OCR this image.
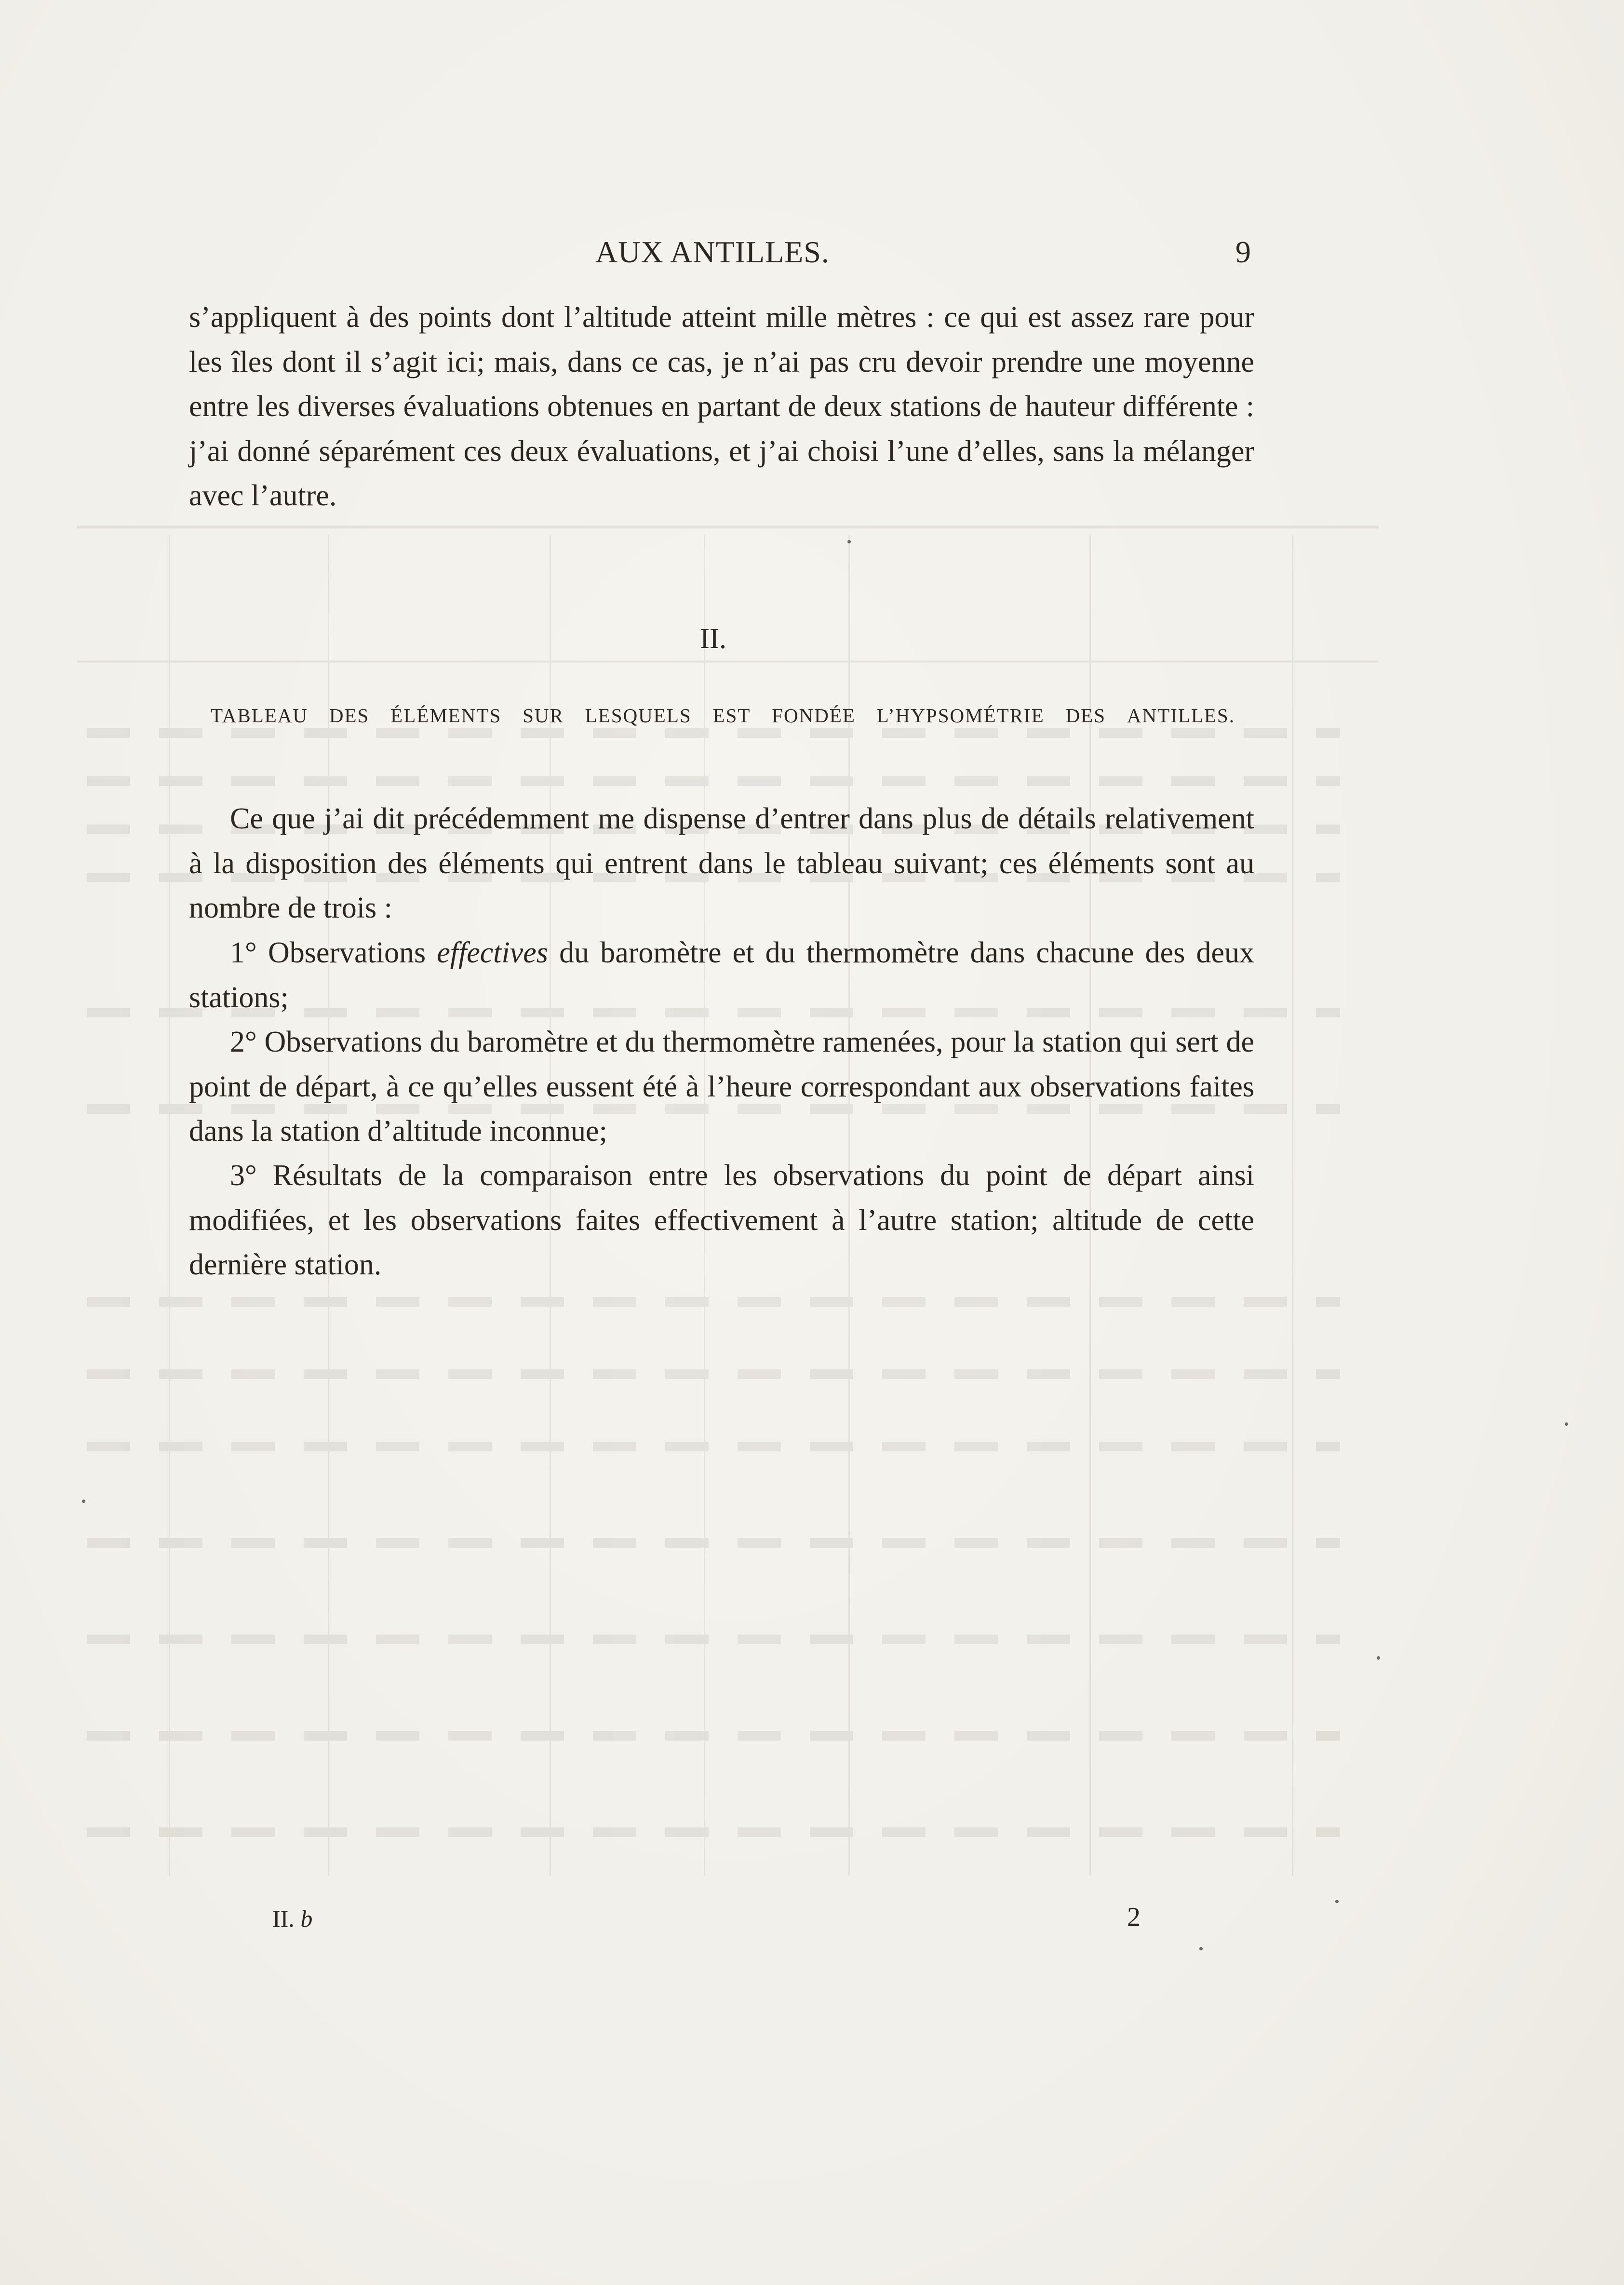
AUX ANTILLES.	9

s’appliquent à des points dont l’altitude atteint mille mètres : ce qui est assez rare pour les îles dont il s’agit ici; mais, dans ce cas, je n’ai pas cru devoir prendre une moyenne entre les diverses évaluations obtenues en partant de deux stations de hauteur différente : j’ai donné séparément ces deux évaluations, et j’ai choisi l’une d’elles, sans la mélanger avec l’autre.

II.
TABLEAU DES ÉLÉMENTS SUR LESQUELS EST FONDÉE L’HYPSOMÉTRIE DES ANTILLES.

Ce que j’ai dit précédemment me dispense d’entrer dans plus de détails relativement à la disposition des éléments qui entrent dans le tableau suivant; ces éléments sont au nombre de trois :

1° Observations effectives du baromètre et du thermomètre dans chacune des deux stations;

2° Observations du baromètre et du thermomètre ramenées, pour la station qui sert de point de départ, à ce qu’elles eussent été à l’heure correspondant aux observations faites dans la station d’altitude inconnue;

3° Résultats de la comparaison entre les observations du point de départ ainsi modifiées, et les observations faites effectivement à l’autre station; altitude de cette dernière station.

II. b	2
